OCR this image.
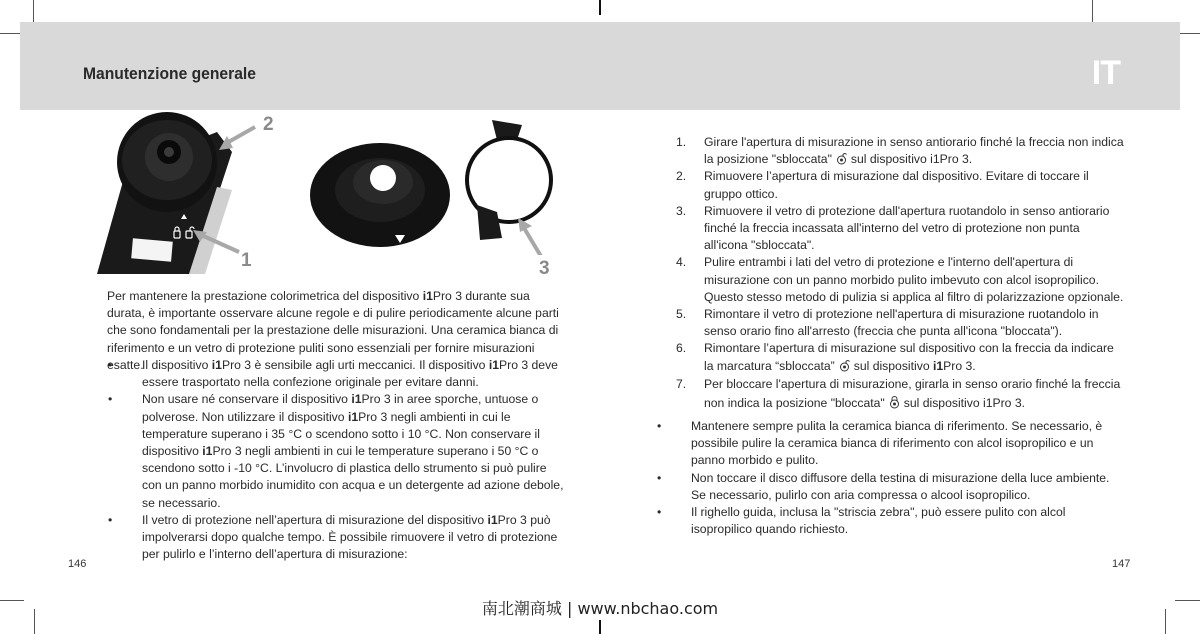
Manutenzione generale	IT
2
1	3

Per mantenere la prestazione colorimetrica del dispositivo i1Pro 3 durante sua durata, è importante osservare alcune regole e di pulire periodicamente alcune parti che sono fondamentali per la prestazione delle misurazioni. Una ceramica bianca di riferimento e un vetro di protezione puliti sono essenziali per fornire misurazioni esatte.

• Il dispositivo i1Pro 3 è sensibile agli urti meccanici. Il dispositivo i1Pro 3 deve essere trasportato nella confezione originale per evitare danni.
• Non usare né conservare il dispositivo i1Pro 3 in aree sporche, untuose o polverose. Non utilizzare il dispositivo i1Pro 3 negli ambienti in cui le temperature superano i 35 °C o scendono sotto i 10 °C. Non conservare il dispositivo i1Pro 3 negli ambienti in cui le temperature superano i 50 °C o scendono sotto i -10 °C. L’involucro di plastica dello strumento si può pulire con un panno morbido inumidito con acqua e un detergente ad azione debole, se necessario.
• Il vetro di protezione nell’apertura di misurazione del dispositivo i1Pro 3 può impolverarsi dopo qualche tempo. È possibile rimuovere il vetro di protezione per pulirlo e l’interno dell’apertura di misurazione:
1. Girare l'apertura di misurazione in senso antiorario finché la freccia non indica la posizione "sbloccata" sul dispositivo i1Pro 3.
2. Rimuovere l’apertura di misurazione dal dispositivo. Evitare di toccare il gruppo ottico.
3. Rimuovere il vetro di protezione dall'apertura ruotandolo in senso antiorario finché la freccia incassata all'interno del vetro di protezione non punta all'icona "sbloccata".
4. Pulire entrambi i lati del vetro di protezione e l'interno dell'apertura di misurazione con un panno morbido pulito imbevuto con alcol isopropilico. Questo stesso metodo di pulizia si applica al filtro di polarizzazione opzionale.
5. Rimontare il vetro di protezione nell'apertura di misurazione ruotandolo in senso orario fino all'arresto (freccia che punta all'icona "bloccata").
6. Rimontare l’apertura di misurazione sul dispositivo con la freccia da indicare la marcatura “sbloccata” sul dispositivo i1Pro 3.
7. Per bloccare l'apertura di misurazione, girarla in senso orario finché la freccia non indica la posizione "bloccata" sul dispositivo i1Pro 3.
• Mantenere sempre pulita la ceramica bianca di riferimento. Se necessario, è possibile pulire la ceramica bianca di riferimento con alcol isopropilico e un panno morbido e pulito.
• Non toccare il disco diffusore della testina di misurazione della luce ambiente. Se necessario, pulirlo con aria compressa o alcool isopropilico.
• Il righello guida, inclusa la "striscia zebra", può essere pulito con alcol isopropilico quando richiesto.
146	147
南北潮商城 | www.nbchao.com
